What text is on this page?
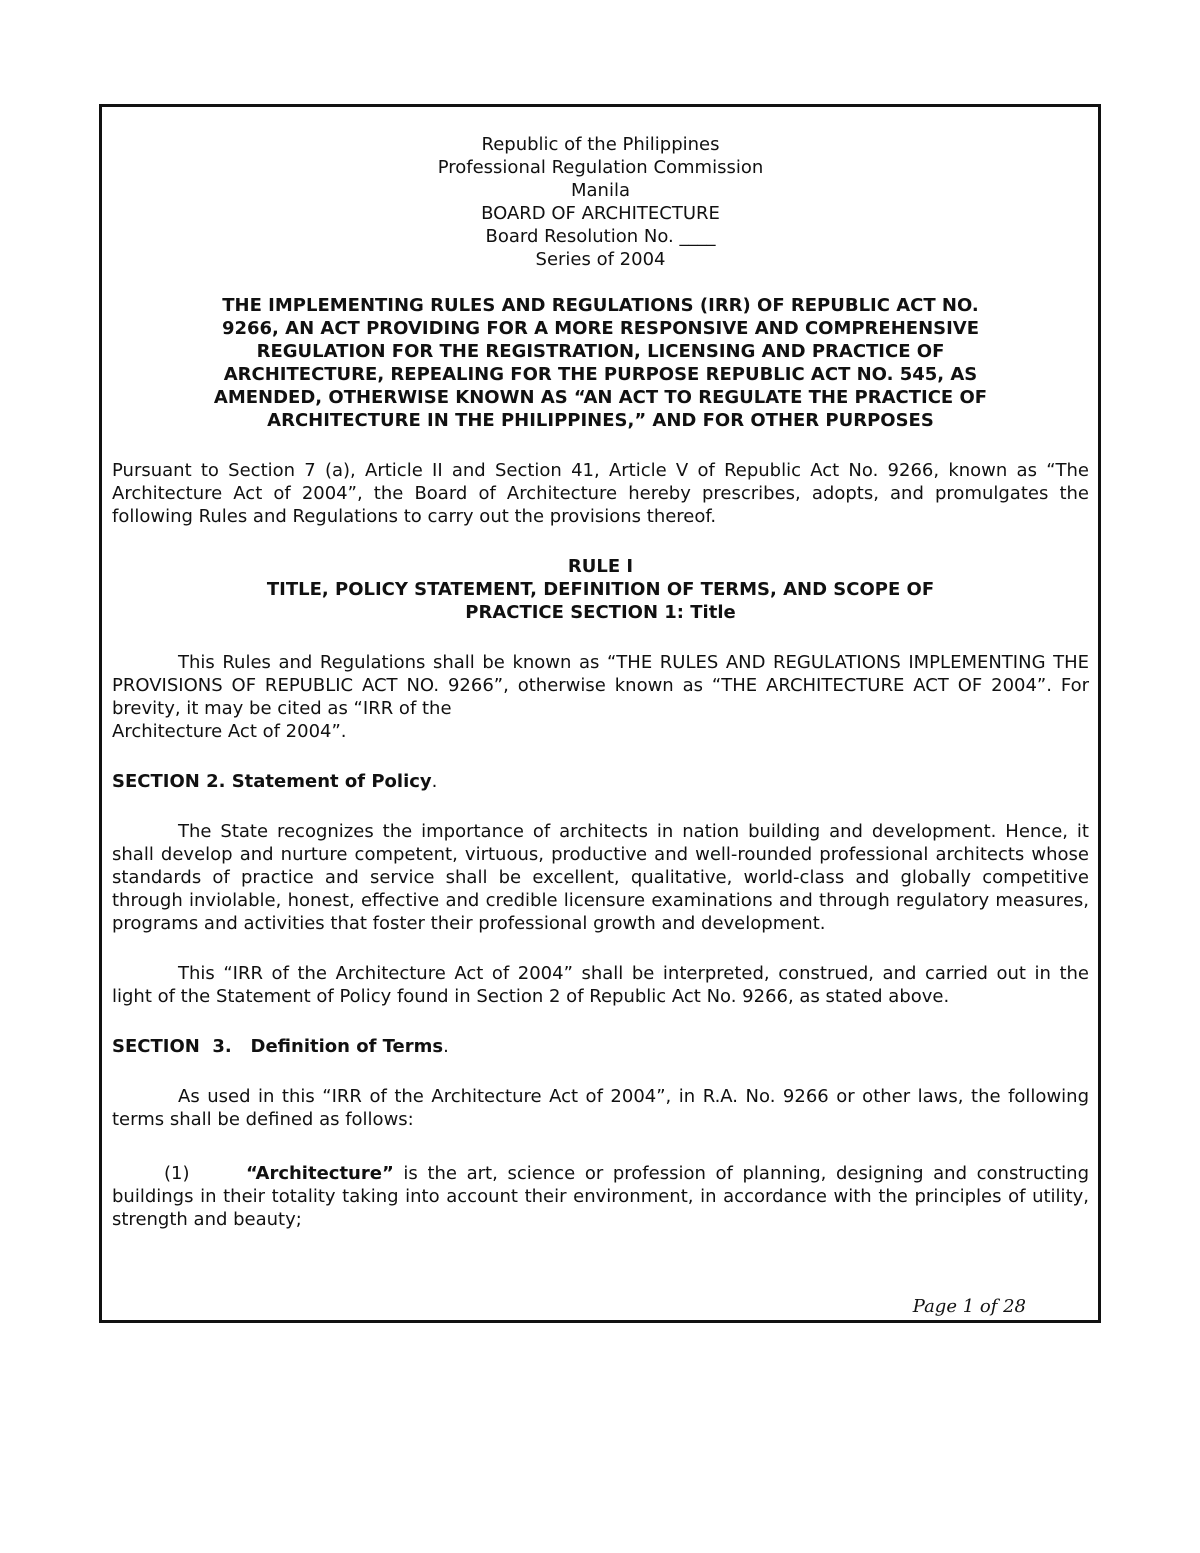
Republic of the Philippines
Professional Regulation Commission
Manila
BOARD OF ARCHITECTURE
Board Resolution No. ____
Series of 2004
THE IMPLEMENTING RULES AND REGULATIONS (IRR) OF REPUBLIC ACT NO.
9266, AN ACT PROVIDING FOR A MORE RESPONSIVE AND COMPREHENSIVE
REGULATION FOR THE REGISTRATION, LICENSING AND PRACTICE OF
ARCHITECTURE, REPEALING FOR THE PURPOSE REPUBLIC ACT NO. 545, AS
AMENDED, OTHERWISE KNOWN AS “AN ACT TO REGULATE THE PRACTICE OF
ARCHITECTURE IN THE PHILIPPINES,” AND FOR OTHER PURPOSES

Pursuant to Section 7 (a), Article II and Section 41, Article V of Republic Act No. 9266, known as “The Architecture Act of 2004”, the Board of Architecture hereby prescribes, adopts, and promulgates the following Rules and Regulations to carry out the provisions thereof.

RULE I
TITLE, POLICY STATEMENT, DEFINITION OF TERMS, AND SCOPE OF
PRACTICE SECTION 1: Title

This Rules and Regulations shall be known as “THE RULES AND REGULATIONS IMPLEMENTING THE PROVISIONS OF REPUBLIC ACT NO. 9266”, otherwise known as “THE ARCHITECTURE ACT OF 2004”. For brevity, it may be cited as “IRR of the

Architecture Act of 2004”.

SECTION 2. Statement of Policy.

The State recognizes the importance of architects in nation building and development. Hence, it shall develop and nurture competent, virtuous, productive and well-rounded professional architects whose standards of practice and service shall be excellent, qualitative, world-class and globally competitive through inviolable, honest, effective and credible licensure examinations and through regulatory measures, programs and activities that foster their professional growth and development.

This “IRR of the Architecture Act of 2004” shall be interpreted, construed, and carried out in the light of the Statement of Policy found in Section 2 of Republic Act No. 9266, as stated above.

SECTION  3.   Definition of Terms.

As used in this “IRR of the Architecture Act of 2004”, in R.A. No. 9266 or other laws, the following terms shall be defined as follows:

(1)	“Architecture” is the art, science or profession of planning, designing and constructing buildings in their totality taking into account their environment, in accordance with the principles of utility, strength and beauty;

Page 1 of 28
